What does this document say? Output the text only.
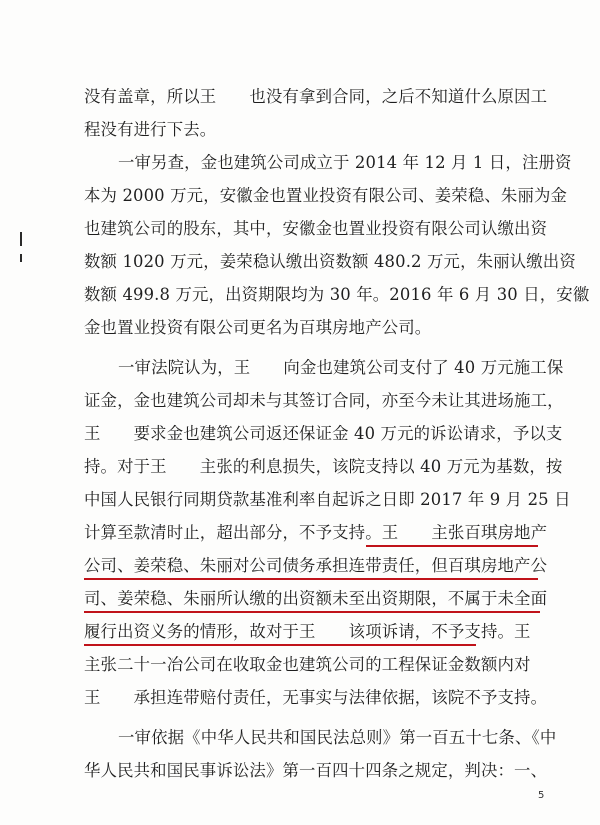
没有盖章，所以王　　也没有拿到合同，之后不知道什么原因工
程没有进行下去。
一审另查，金也建筑公司成立于 2014 年 12 月 1 日，注册资
本为 2000 万元，安徽金也置业投资有限公司、姜荣稳、朱丽为金
也建筑公司的股东，其中，安徽金也置业投资有限公司认缴出资
数额 1020 万元，姜荣稳认缴出资数额 480.2 万元，朱丽认缴出资
数额 499.8 万元，出资期限均为 30 年。2016 年 6 月 30 日，安徽
金也置业投资有限公司更名为百琪房地产公司。
一审法院认为，王　　向金也建筑公司支付了 40 万元施工保
证金，金也建筑公司却未与其签订合同，亦至今未让其进场施工，
王　　要求金也建筑公司返还保证金 40 万元的诉讼请求，予以支
持。对于王　　主张的利息损失，该院支持以 40 万元为基数，按
中国人民银行同期贷款基准利率自起诉之日即 2017 年 9 月 25 日
计算至款清时止，超出部分，不予支持。王　　主张百琪房地产
公司、姜荣稳、朱丽对公司债务承担连带责任，但百琪房地产公
司、姜荣稳、朱丽所认缴的出资额未至出资期限，不属于未全面
履行出资义务的情形，故对于王　　该项诉请，不予支持。王
主张二十一冶公司在收取金也建筑公司的工程保证金数额内对
王　　承担连带赔付责任，无事实与法律依据，该院不予支持。
一审依据《中华人民共和国民法总则》第一百五十七条、《中
华人民共和国民事诉讼法》第一百四十四条之规定，判决：一、
5
